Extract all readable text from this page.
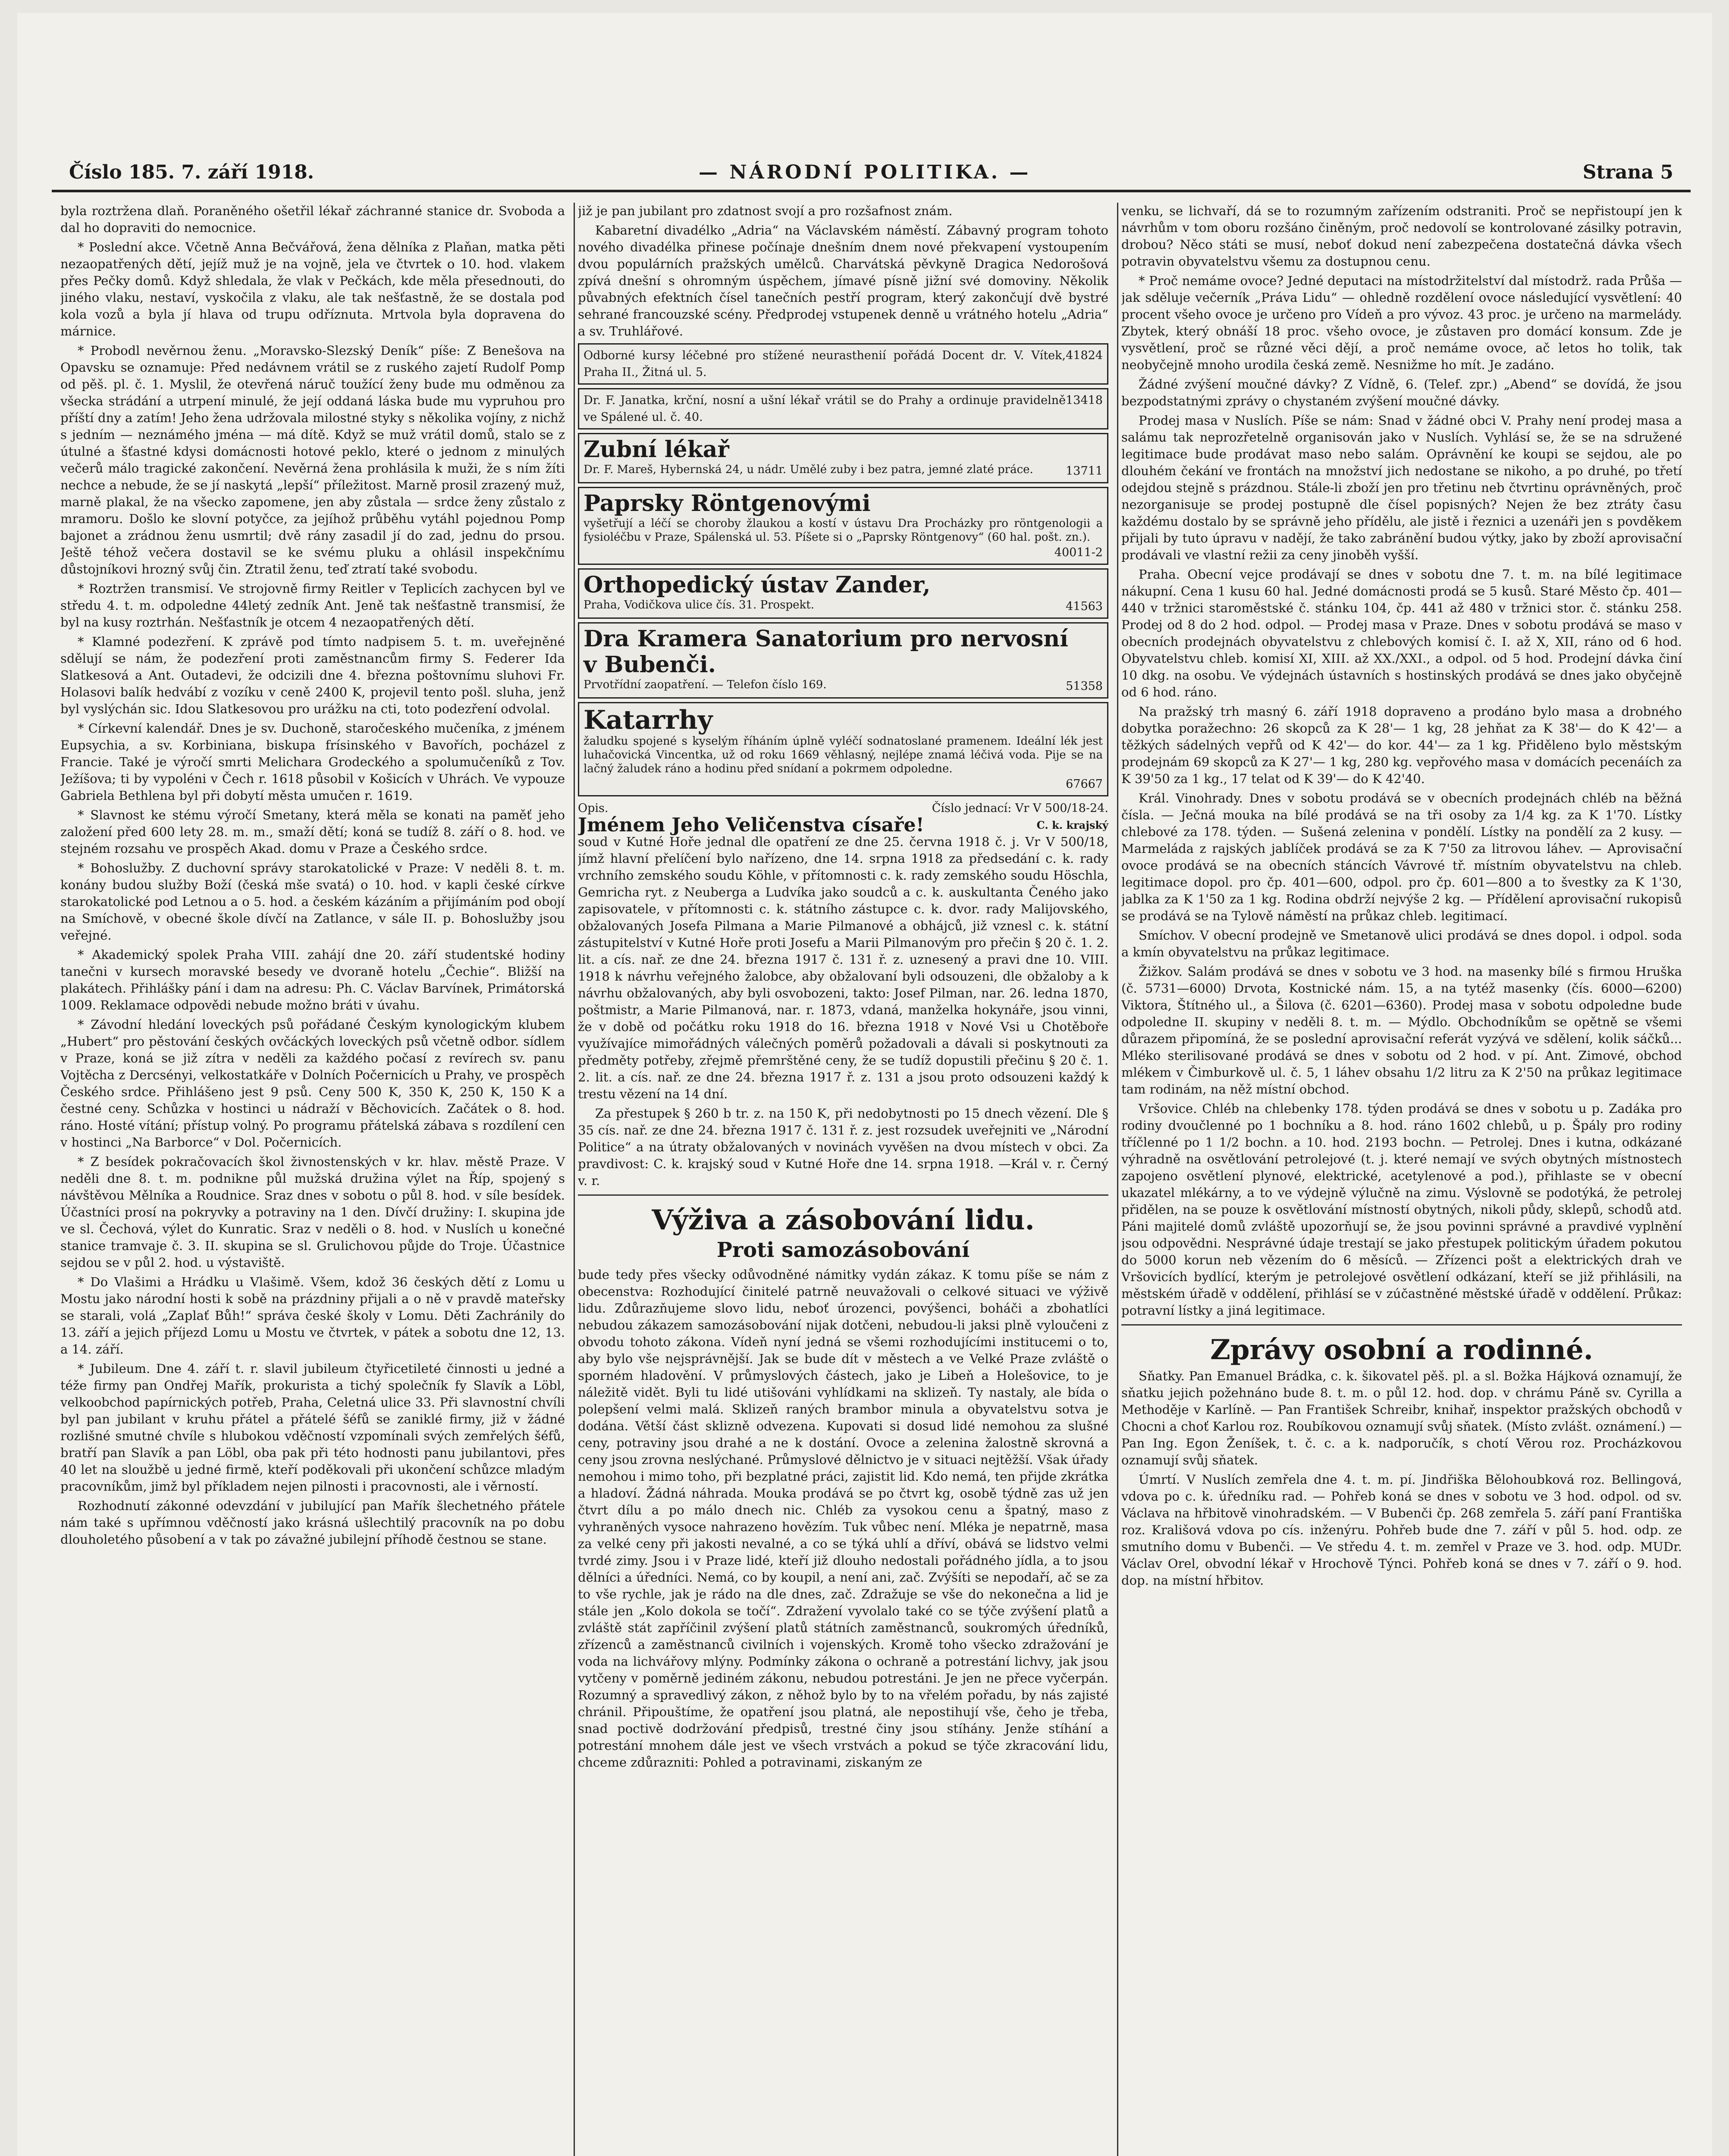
Číslo 185. 7. září 1918.	— NÁRODNÍ POLITIKA. —	Strana 5

byla roztržena dlaň. Poraněného ošetřil lékař záchranné stanice dr. Svoboda a dal ho dopraviti do nemocnice.

* Poslední akce. Včetně Anna Bečvářová, žena dělníka z Plaňan, matka pěti nezaopatřených dětí, jejíž muž je na vojně, jela ve čtvrtek o 10. hod. vlakem přes Pečky domů. Když shledala, že vlak v Pečkách, kde měla přesednouti, do jiného vlaku, nestaví, vyskočila z vlaku, ale tak nešťastně, že se dostala pod kola vozů a byla jí hlava od trupu odříznuta. Mrtvola byla dopravena do márnice.

* Probodl nevěrnou ženu. „Moravsko-Slezský Deník“ píše: Z Benešova na Opavsku se oznamuje: Před nedávnem vrátil se z ruského zajetí Rudolf Pomp od pěš. pl. č. 1. Myslil, že otevřená náruč toužící ženy bude mu odměnou za všecka strádání a utrpení minulé, že její oddaná láska bude mu vypruhou pro příští dny a zatím! Jeho žena udržovala milostné styky s několika vojíny, z nichž s jedním — neznámého jména — má dítě. Když se muž vrátil domů, stalo se z útulné a šťastné kdysi domácnosti hotové peklo, které o jednom z minulých večerů málo tragické zakončení. Nevěrná žena prohlásila k muži, že s ním žíti nechce a nebude, že se jí naskytá „lepší“ příležitost. Marně prosil zrazený muž, marně plakal, že na všecko zapomene, jen aby zůstala — srdce ženy zůstalo z mramoru. Došlo ke slovní potyčce, za jejíhož průběhu vytáhl pojednou Pomp bajonet a zrádnou ženu usmrtil; dvě rány zasadil jí do zad, jednu do prsou. Ještě téhož večera dostavil se ke svému pluku a ohlásil inspekčnímu důstojníkovi hrozný svůj čin. Ztratil ženu, teď ztratí také svobodu.

* Roztržen transmisí. Ve strojovně firmy Reitler v Teplicích zachycen byl ve středu 4. t. m. odpoledne 44letý zedník Ant. Jeně tak nešťastně transmisí, že byl na kusy roztrhán. Nešťastník je otcem 4 nezaopatřených dětí.

* Klamné podezření. K zprávě pod tímto nadpisem 5. t. m. uveřejněné sdělují se nám, že podezření proti zaměstnancům firmy S. Federer Ida Slatkesová a Ant. Outadevi, že odcizili dne 4. března poštovnímu sluhovi Fr. Holasovi balík hedvábí z vozíku v ceně 2400 K, projevil tento pošl. sluha, jenž byl vyslýchán sic. Idou Slatkesovou pro urážku na cti, toto podezření odvolal.

* Církevní kalendář. Dnes je sv. Duchoně, staročeského mučeníka, z jménem Eupsychia, a sv. Korbiniana, biskupa frísinského v Bavořích, pocházel z Francie. Také je výročí smrti Melichara Grodeckého a spolumučeníků z Tov. Ježíšova; ti by vypoléni v Čech r. 1618 působil v Košicích v Uhrách. Ve vypouze Gabriela Bethlena byl při dobytí města umučen r. 1619.

* Slavnost ke stému výročí Smetany, která měla se konati na paměť jeho založení před 600 lety 28. m. m., smaží dětí; koná se tudíž 8. září o 8. hod. ve stejném rozsahu ve prospěch Akad. domu v Praze a Českého srdce.

* Bohoslužby. Z duchovní správy starokatolické v Praze: V neděli 8. t. m. konány budou služby Boží (česká mše svatá) o 10. hod. v kapli české církve starokatolické pod Letnou a o 5. hod. a českém kázáním a přijímáním pod obojí na Smíchově, v obecné škole dívčí na Zatlance, v sále II. p. Bohoslužby jsou veřejné.

* Akademický spolek Praha VIII. zahájí dne 20. září studentské hodiny tanečni v kursech moravské besedy ve dvoraně hotelu „Čechie“. Bližší na plakátech. Přihlášky pání i dam na adresu: Ph. C. Václav Barvínek, Primátorská 1009. Reklamace odpovědi nebude možno bráti v úvahu.

* Závodní hledání loveckých psů pořádané Českým kynologickým klubem „Hubert“ pro pěstování českých ovčáckých loveckých psů včetně odbor. sídlem v Praze, koná se již zítra v neděli za každého počasí z revírech sv. panu Vojtěcha z Dercsényi, velkostatkáře v Dolních Počernicích u Prahy, ve prospěch Českého srdce. Přihlášeno jest 9 psů. Ceny 500 K, 350 K, 250 K, 150 K a čestné ceny. Schůzka v hostinci u nádraží v Běchovicích. Začátek o 8. hod. ráno. Hosté vítání; přístup volný. Po programu přátelská zábava s rozdílení cen v hostinci „Na Barborce“ v Dol. Počernicích.

* Z besídek pokračovacích škol živnostenských v kr. hlav. městě Praze. V neděli dne 8. t. m. podnikne půl mužská družina výlet na Říp, spojený s návštěvou Mělníka a Roudnice. Sraz dnes v sobotu o půl 8. hod. v síle besídek. Účastníci prosí na pokryvky a potraviny na 1 den. Dívčí družiny: I. skupina jde ve sl. Čechová, výlet do Kunratic. Sraz v neděli o 8. hod. v Nuslích u konečné stanice tramvaje č. 3. II. skupina se sl. Grulichovou půjde do Troje. Účastnice sejdou se v půl 2. hod. u výstaviště.

* Do Vlašimi a Hrádku u Vlašimě. Všem, kdož 36 českých dětí z Lomu u Mostu jako národní hosti k sobě na prázdniny přijali a o ně v pravdě mateřsky se starali, volá „Zaplať Bůh!“ správa české školy v Lomu. Děti Zachránily do 13. září a jejich příjezd Lomu u Mostu ve čtvrtek, v pátek a sobotu dne 12, 13. a 14. září.

* Jubileum. Dne 4. září t. r. slavil jubileum čtyřicetileté činnosti u jedné a téže firmy pan Ondřej Mařík, prokurista a tichý společník fy Slavík a Löbl, velkoobchod papírnických potřeb, Praha, Celetná ulice 33. Při slavnostní chvíli byl pan jubilant v kruhu přátel a přátelé šéfů se zaniklé firmy, již v žádné rozlišné smutné chvíle s hlubokou vděčností vzpomínali svých zemřelých šéfů, bratří pan Slavík a pan Löbl, oba pak při této hodnosti panu jubilantovi, přes 40 let na sloužbě u jedné firmě, kteří poděkovali při ukončení schůzce mladým pracovníkům, jimž byl příkladem nejen pilnosti i pracovnosti, ale i věrností.

Rozhodnutí zákonné odevzdání v jubilující pan Mařík šlechetného přátele nám také s upřímnou vděčností jako krásná ušlechtilý pracovník na po dobu dlouholetého působení a v tak po závažné jubilejní příhodě čestnou se stane.

již je pan jubilant pro zdatnost svojí a pro rozšafnost znám.

Kabaretní divadélko „Adria“ na Václavském náměstí. Zábavný program tohoto nového divadélka přinese počínaje dnešním dnem nové překvapení vystoupením dvou populárních pražských umělců. Charvátská pěvkyně Dragica Nedorošová zpívá dnešní s ohromným úspěchem, jímavé písně jižní své domoviny. Několik půvabných efektních čísel tanečních pestří program, který zakončují dvě bystré sehrané francouzské scény. Předprodej vstupenek denně u vrátného hotelu „Adria“ a sv. Truhlářové.

Odborné kursy léčebné pro stížené neurasthenií pořádá Docent dr. V. Vítek, Praha II., Žitná ul. 5.
41824
Dr. F. Janatka, krční, nosní a ušní lékař vrátil se do Prahy a ordinuje pravidelně ve Spálené ul. č. 40.
13418
Zubní lékař
Dr. F. Mareš, Hybernská 24, u nádr. Umělé zuby i bez patra, jemné zlaté práce.	13711
Paprsky Röntgenovými
vyšetřují a léčí se choroby žlaukou a kostí v ústavu Dra Procházky pro röntgenologii a fysioléčbu v Praze, Spálenská ul. 53. Píšete si o „Paprsky Röntgenovy“ (60 hal. pošt. zn.).
40011-2
Orthopedický ústav Zander,
Praha, Vodičkova ulice čís. 31. Prospekt.	41563
Dra Kramera Sanatorium pro nervosní
v Bubenči.
Prvotřídní zaopatření. — Telefon číslo 169.	51358
Katarrhy
žaludku spojené s kyselým říháním úplně vyléčí sodnatoslané pramenem. Ideální lék jest luhačovická Vincentka, už od roku 1669 věhlasný, nejlépe znamá léčivá voda. Pije se na lačný žaludek ráno a hodinu před snídaní a pokrmem odpoledne.
67667
Opis.	Číslo jednací: Vr V 500/18-24.
Jménem Jeho Veličenstva císaře!	C. k. krajský

soud v Kutné Hoře jednal dle opatření ze dne 25. června 1918 č. j. Vr V 500/18, jímž hlavní přelíčení bylo nařízeno, dne 14. srpna 1918 za předsedání c. k. rady vrchního zemského soudu Köhle, v přítomnosti c. k. rady zemského soudu Höschla, Gemricha ryt. z Neuberga a Ludvíka jako soudců a c. k. auskultanta Čeného jako zapisovatele, v přítomnosti c. k. státního zástupce c. k. dvor. rady Malijovského, obžalovaných Josefa Pilmana a Marie Pilmanové a obhájců, již vznesl c. k. státní zástupitelství v Kutné Hoře proti Josefu a Marii Pilmanovým pro přečin § 20 č. 1. 2. lit. a cís. nař. ze dne 24. března 1917 č. 131 ř. z. uznesený a pravi dne 10. VIII. 1918 k návrhu veřejného žalobce, aby obžalovaní byli odsouzeni, dle obžaloby a k návrhu obžalovaných, aby byli osvobozeni, takto: Josef Pilman, nar. 26. ledna 1870, poštmistr, a Marie Pilmanová, nar. r. 1873, vdaná, manželka hokynáře, jsou vinni, že v době od počátku roku 1918 do 16. března 1918 v Nové Vsi u Chotěboře využívajíce mimořádných válečných poměrů požadovali a dávali si poskytnouti za předměty potřeby, zřejmě přemrštěné ceny, že se tudíž dopustili přečinu § 20 č. 1. 2. lit. a cís. nař. ze dne 24. března 1917 ř. z. 131 a jsou proto odsouzeni každý k trestu vězení na 14 dní.

Za přestupek § 260 b tr. z. na 150 K, při nedobytnosti po 15 dnech vězení. Dle § 35 cís. nař. ze dne 24. března 1917 č. 131 ř. z. jest rozsudek uveřejniti ve „Národní Politice“ a na útraty obžalovaných v novinách vyvěšen na dvou místech v obci. Za pravdivost: C. k. krajský soud v Kutné Hoře dne 14. srpna 1918. —Král v. r. Černý v. r.

Výživa a zásobování lidu.
Proti samozásobování

bude tedy přes všecky odůvodněné námitky vydán zákaz. K tomu píše se nám z obecenstva: Rozhodující činitelé patrně neuvažovali o celkové situaci ve výživě lidu. Zdůrazňujeme slovo lidu, neboť úrozenci, povýšenci, boháči a zbohatlíci nebudou zákazem samozásobování nijak dotčeni, nebudou-li jaksi plně vyloučeni z obvodu tohoto zákona. Vídeň nyní jedná se všemi rozhodujícími institucemi o to, aby bylo vše nejsprávnější. Jak se bude dít v městech a ve Velké Praze zvláště o sporném hladovění. V průmyslových částech, jako je Libeň a Holešovice, to je náležitě vidět. Byli tu lidé utišováni vyhlídkami na sklizeň. Ty nastaly, ale bída o polepšení velmi malá. Sklizeň raných brambor minula a obyvatelstvu sotva je dodána. Větší část sklizně odvezena. Kupovati si dosud lidé nemohou za slušné ceny, potraviny jsou drahé a ne k dostání. Ovoce a zelenina žalostně skrovná a ceny jsou zrovna neslýchané. Průmyslové dělnictvo je v situaci nejtěžší. Však úřady nemohou i mimo toho, při bezplatné práci, zajistit lid. Kdo nemá, ten přijde zkrátka a hladoví. Žádná náhrada. Mouka prodává se po čtvrt kg, osobě týdně zas už jen čtvrt dílu a po málo dnech nic. Chléb za vysokou cenu a špatný, maso z vyhraněných vysoce nahrazeno hovězím. Tuk vůbec není. Mléka je nepatrně, masa za velké ceny při jakosti nevalné, a co se týká uhlí a dříví, obává se lidstvo velmi tvrdé zimy. Jsou i v Praze lidé, kteří již dlouho nedostali pořádného jídla, a to jsou dělníci a úředníci. Nemá, co by koupil, a není ani, zač. Zvýšíti se nepodaří, ač se za to vše rychle, jak je rádo na dle dnes, zač. Zdražuje se vše do nekonečna a lid je stále jen „Kolo dokola se točí“. Zdražení vyvolalo také co se týče zvýšení platů a zvláště stát zapříčinil zvýšení platů státních zaměstnanců, soukromých úředníků, zřízenců a zaměstnanců civilních i vojenských. Kromě toho všecko zdražování je voda na lichvářovy mlýny. Podmínky zákona o ochraně a potrestání lichvy, jak jsou vytčeny v poměrně jediném zákonu, nebudou potrestáni. Je jen ne přece vyčerpán. Rozumný a spravedlivý zákon, z něhož bylo by to na vřelém pořadu, by nás zajisté chránil. Připouštíme, že opatření jsou platná, ale nepostihují vše, čeho je třeba, snad poctivě dodržování předpisů, trestné činy jsou stíhány. Jenže stíhání a potrestání mnohem dále jest ve všech vrstvách a pokud se týče zkracování lidu, chceme zdůrazniti: Pohled a potravinami, ziskaným ze

venku, se lichvaří, dá se to rozumným zařízením odstraniti. Proč se nepřistoupí jen k návrhům v tom oboru rozšáno činěným, proč nedovolí se kontrolované zásilky potravin, drobou? Něco státi se musí, neboť dokud není zabezpečena dostatečná dávka všech potravin obyvatelstvu všemu za dostupnou cenu.

* Proč nemáme ovoce? Jedné deputaci na místodržitelství dal místodrž. rada Průša — jak sděluje večerník „Práva Lidu“ — ohledně rozdělení ovoce následující vysvětlení: 40 procent všeho ovoce je určeno pro Vídeň a pro vývoz. 43 proc. je určeno na marmelády. Zbytek, který obnáší 18 proc. všeho ovoce, je zůstaven pro domácí konsum. Zde je vysvětlení, proč se různé věci dějí, a proč nemáme ovoce, ač letos ho tolik, tak neobyčejně mnoho urodila česká země. Nesnižme ho mít. Je zadáno.

Žádné zvýšení moučné dávky? Z Vídně, 6. (Telef. zpr.) „Abend“ se dovídá, že jsou bezpodstatnými zprávy o chystaném zvýšení moučné dávky.

Prodej masa v Nuslích. Píše se nám: Snad v žádné obci V. Prahy není prodej masa a salámu tak neprozřetelně organisován jako v Nuslích. Vyhlásí se, že se na sdružené legitimace bude prodávat maso nebo salám. Oprávnění ke koupi se sejdou, ale po dlouhém čekání ve frontách na množství jich nedostane se nikoho, a po druhé, po třetí odejdou stejně s prázdnou. Stále-li zboží jen pro třetinu neb čtvrtinu oprávněných, proč nezorganisuje se prodej postupně dle čísel popisných? Nejen že bez ztráty času každému dostalo by se správně jeho přídělu, ale jistě i řeznici a uzenáři jen s povděkem přijali by tuto úpravu v nadějí, že tako zabránění budou výtky, jako by zboží aprovisační prodávali ve vlastní režii za ceny jinoběh vyšší.

Praha. Obecní vejce prodávají se dnes v sobotu dne 7. t. m. na bílé legitimace nákupní. Cena 1 kusu 60 hal. Jedné domácnosti prodá se 5 kusů. Staré Město čp. 401—440 v tržnici staroměstské č. stánku 104, čp. 441 až 480 v tržnici stor. č. stánku 258. Prodej od 8 do 2 hod. odpol. — Prodej masa v Praze. Dnes v sobotu prodává se maso v obecních prodejnách obyvatelstvu z chlebových komisí č. I. až X, XII, ráno od 6 hod. Obyvatelstvu chleb. komisí XI, XIII. až XX./XXI., a odpol. od 5 hod. Prodejní dávka činí 10 dkg. na osobu. Ve výdejnách ústavních s hostinských prodává se dnes jako obyčejně od 6 hod. ráno.

Na pražský trh masný 6. září 1918 dopraveno a prodáno bylo masa a drobného dobytka poražechno: 26 skopců za K 28'— 1 kg, 28 jehňat za K 38'— do K 42'— a těžkých sádelných vepřů od K 42'— do kor. 44'— za 1 kg. Přiděleno bylo městským prodejnám 69 skopců za K 27'— 1 kg, 280 kg. vepřového masa v domácích pecenáích za K 39'50 za 1 kg., 17 telat od K 39'— do K 42'40.

Král. Vinohrady. Dnes v sobotu prodává se v obecních prodejnách chléb na běžná čísla. — Ječná mouka na bílé prodává se na tři osoby za 1/4 kg. za K 1'70. Lístky chlebové za 178. týden. — Sušená zelenina v pondělí. Lístky na pondělí za 2 kusy. — Marmeláda z rajských jablíček prodává se za K 7'50 za litrovou láhev. — Aprovisační ovoce prodává se na obecních stáncích Vávrové tř. místním obyvatelstvu na chleb. legitimace dopol. pro čp. 401—600, odpol. pro čp. 601—800 a to švestky za K 1'30, jablka za K 1'50 za 1 kg. Rodina obdrží nejvýše 2 kg. — Přídělení aprovisační rukopisů se prodává se na Tylově náměstí na průkaz chleb. legitimací.

Smíchov. V obecní prodejně ve Smetanově ulici prodává se dnes dopol. i odpol. soda a kmín obyvatelstvu na průkaz legitimace.

Žižkov. Salám prodává se dnes v sobotu ve 3 hod. na masenky bílé s firmou Hruška (č. 5731—6000) Drvota, Kostnické nám. 15, a na tytéž masenky (čís. 6000—6200) Viktora, Štítného ul., a Šilova (č. 6201—6360). Prodej masa v sobotu odpoledne bude odpoledne II. skupiny v neděli 8. t. m. — Mýdlo. Obchodníkům se opětně se všemi důrazem připomíná, že se poslední aprovisační referát vyzývá ve sdělení, kolik sáčků... Mléko sterilisované prodává se dnes v sobotu od 2 hod. v pí. Ant. Zimové, obchod mlékem v Čimburkově ul. č. 5, 1 láhev obsahu 1/2 litru za K 2'50 na průkaz legitimace tam rodinám, na něž místní obchod.

Vršovice. Chléb na chlebenky 178. týden prodává se dnes v sobotu u p. Zadáka pro rodiny dvoučlenné po 1 bochníku a 8. hod. ráno 1602 chlebů, u p. Špály pro rodiny tříčlenné po 1 1/2 bochn. a 10. hod. 2193 bochn. — Petrolej. Dnes i kutna, odkázané výhradně na osvětlování petrolejové (t. j. které nemají ve svých obytných místnostech zapojeno osvětlení plynové, elektrické, acetylenové a pod.), přihlaste se v obecní ukazatel mlékárny, a to ve výdejně výlučně na zimu. Výslovně se podotýká, že petrolej přidělen, na se pouze k osvětlování místností obytných, nikoli půdy, sklepů, schodů atd. Páni majitelé domů zvláště upozorňují se, že jsou povinni správné a pravdivé vyplnění jsou odpovědni. Nesprávné údaje trestají se jako přestupek politickým úřadem pokutou do 5000 korun neb vězením do 6 měsíců. — Zřízenci pošt a elektrických drah ve Vršovicích bydlící, kterým je petrolejové osvětlení odkázaní, kteří se již přihlásili, na městském úřadě v oddělení, přihlásí se v zúčastněné městské úřadě v oddělení. Průkaz: potravní lístky a jiná legitimace.

Zprávy osobní a rodinné.

Sňatky. Pan Emanuel Brádka, c. k. šikovatel pěš. pl. a sl. Božka Hájková oznamují, že sňatku jejich požehnáno bude 8. t. m. o půl 12. hod. dop. v chrámu Páně sv. Cyrilla a Methoděje v Karlíně. — Pan František Schreibr, knihař, inspektor pražských obchodů v Chocni a choť Karlou roz. Roubíkovou oznamují svůj sňatek. (Místo zvlášt. oznámení.) — Pan Ing. Egon Ženíšek, t. č. c. a k. nadporučík, s chotí Věrou roz. Procházkovou oznamují svůj sňatek.

Úmrtí. V Nuslích zemřela dne 4. t. m. pí. Jindřiška Bělohoubková roz. Bellingová, vdova po c. k. úředníku rad. — Pohřeb koná se dnes v sobotu ve 3 hod. odpol. od sv. Václava na hřbitově vinohradském. — V Bubenči čp. 268 zemřela 5. září paní Františka roz. Krališová vdova po cís. inženýru. Pohřeb bude dne 7. září v půl 5. hod. odp. ze smutního domu v Bubenči. — Ve středu 4. t. m. zemřel v Praze ve 3. hod. odp. MUDr. Václav Orel, obvodní lékař v Hrochově Týnci. Pohřeb koná se dnes v 7. září o 9. hod. dop. na místní hřbitov.
